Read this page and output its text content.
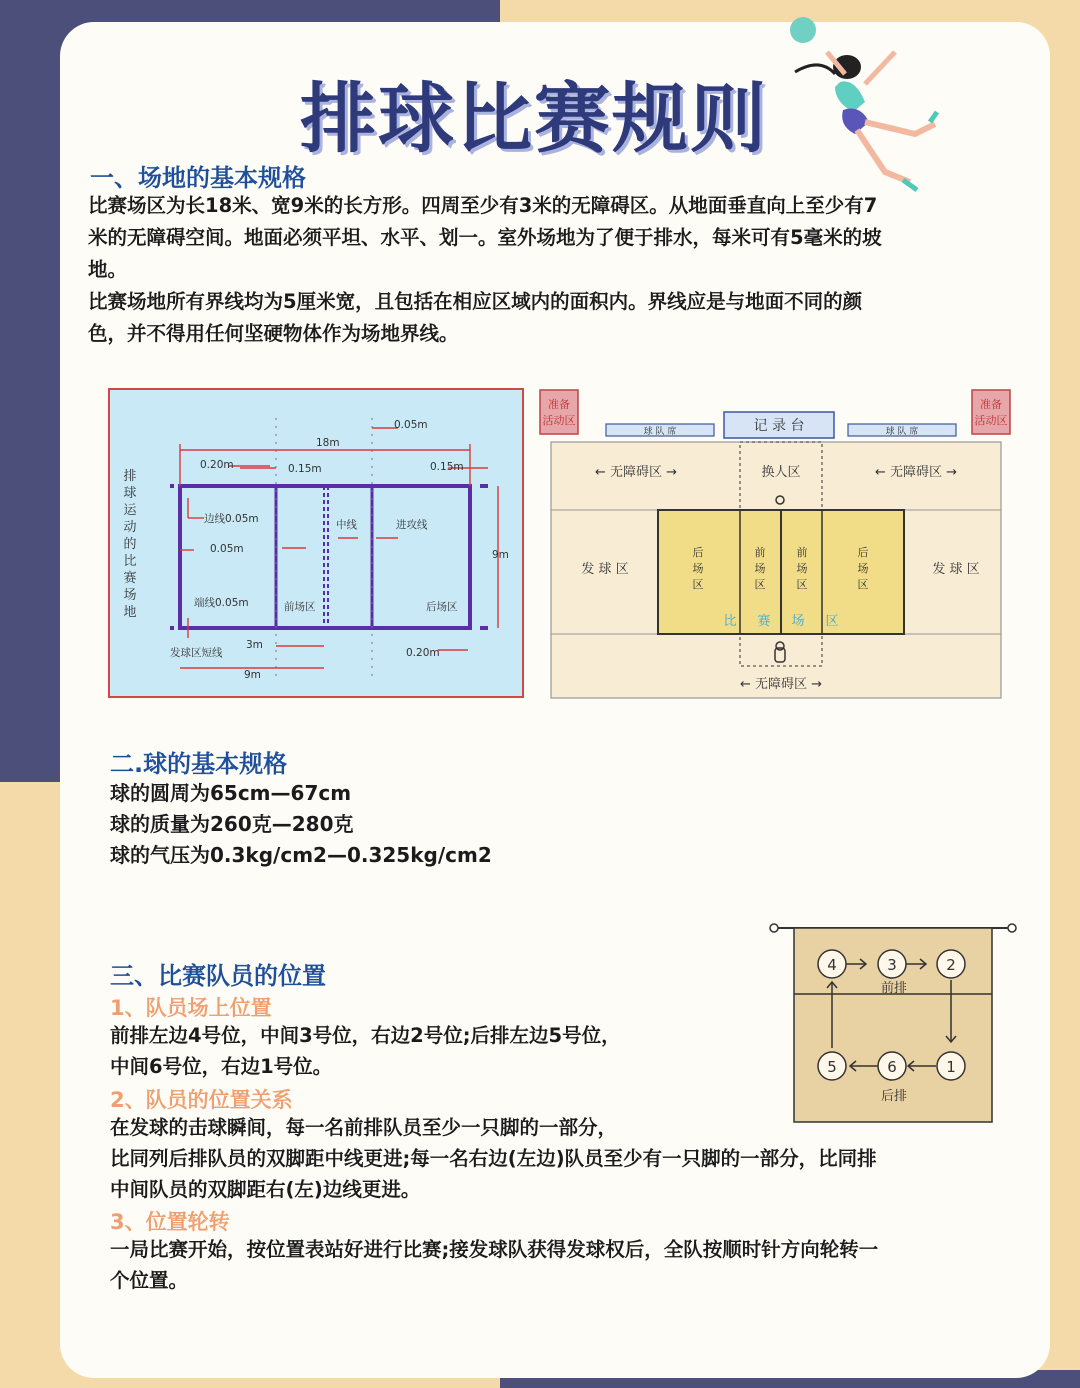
排球比赛规则
一、场地的基本规格
比赛场区为长18米、宽9米的长方形。四周至少有3米的无障碍区。从地面垂直向上至少有7
米的无障碍空间。地面必须平坦、水平、划一。室外场地为了便于排水，每米可有5毫米的坡
地。
比赛场地所有界线均为5厘米宽，且包括在相应区域内的面积内。界线应是与地面不同的颜
色，并不得用任何坚硬物体作为场地界线。
排
球
运
动
的
比
赛
场
地
18m
0.05m
0.20m	0.15m	0.15m
边线0.05m
0.05m
端线0.05m
中线	进攻线
前场区	后场区
9m
3m
发球区短线
9m
0.20m
准备
活动区
准备
活动区
记 录 台
球 队 席	球 队 席
← 无障碍区 →	换人区	← 无障碍区 →
发 球 区	发 球 区
← 无障碍区 →
后
场
区
前
场
区
前
场
区
后
场
区
比 赛 场 区
二.球的基本规格
球的圆周为65cm—67cm
球的质量为260克—280克
球的气压为0.3kg/cm2—0.325kg/cm2
4	3	2
5	6	1
前排
后排
三、比赛队员的位置
1、队员场上位置
前排左边4号位，中间3号位，右边2号位;后排左边5号位，
中间6号位，右边1号位。
2、队员的位置关系
在发球的击球瞬间，每一名前排队员至少一只脚的一部分，
比同列后排队员的双脚距中线更进;每一名右边(左边)队员至少有一只脚的一部分，比同排
中间队员的双脚距右(左)边线更进。
3、位置轮转
一局比赛开始，按位置表站好进行比赛;接发球队获得发球权后，全队按顺时针方向轮转一
个位置。
